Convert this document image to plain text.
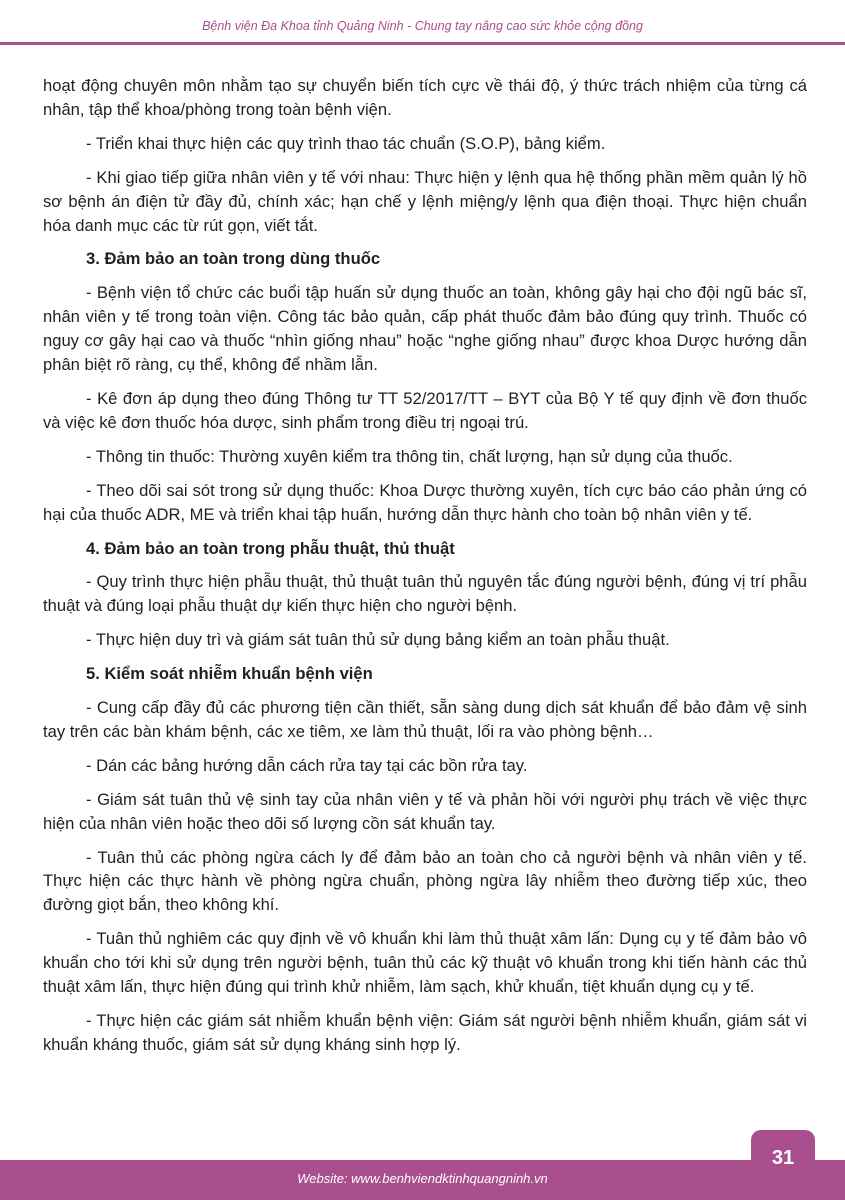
Bệnh viện Đa Khoa tỉnh Quảng Ninh - Chung tay nâng cao sức khỏe cộng đồng

hoạt động chuyên môn nhằm tạo sự chuyển biến tích cực về thái độ, ý thức trách nhiệm của từng cá nhân, tập thể khoa/phòng trong toàn bệnh viện.

- Triển khai thực hiện các quy trình thao tác chuẩn (S.O.P), bảng kiểm.

- Khi giao tiếp giữa nhân viên y tế với nhau: Thực hiện y lệnh qua hệ thống phần mềm quản lý hồ sơ bệnh án điện tử đầy đủ, chính xác; hạn chế y lệnh miệng/y lệnh qua điện thoại. Thực hiện chuẩn hóa danh mục các từ rút gọn, viết tắt.

3. Đảm bảo an toàn trong dùng thuốc

- Bệnh viện tổ chức các buổi tập huấn sử dụng thuốc an toàn, không gây hại cho đội ngũ bác sĩ, nhân viên y tế trong toàn viện. Công tác bảo quản, cấp phát thuốc đảm bảo đúng quy trình. Thuốc có nguy cơ gây hại cao và thuốc “nhìn giống nhau” hoặc “nghe giống nhau” được khoa Dược hướng dẫn phân biệt rõ ràng, cụ thể, không để nhầm lẫn.

- Kê đơn áp dụng theo đúng Thông tư TT 52/2017/TT – BYT của Bộ Y tế quy định về đơn thuốc và việc kê đơn thuốc hóa dược, sinh phẩm trong điều trị ngoại trú.

- Thông tin thuốc: Thường xuyên kiểm tra thông tin, chất lượng, hạn sử dụng của thuốc.

- Theo dõi sai sót trong sử dụng thuốc: Khoa Dược thường xuyên, tích cực báo cáo phản ứng có hại của thuốc ADR, ME và triển khai tập huấn, hướng dẫn thực hành cho toàn bộ nhân viên y tế.

4. Đảm bảo an toàn trong phẫu thuật, thủ thuật

- Quy trình thực hiện phẫu thuật, thủ thuật tuân thủ nguyên tắc đúng người bệnh, đúng vị trí phẫu thuật và đúng loại phẫu thuật dự kiến thực hiện cho người bệnh.

- Thực hiện duy trì và giám sát tuân thủ sử dụng bảng kiểm an toàn phẫu thuật.

5. Kiểm soát nhiễm khuẩn bệnh viện

- Cung cấp đầy đủ các phương tiện cần thiết, sẵn sàng dung dịch sát khuẩn để bảo đảm vệ sinh tay trên các bàn khám bệnh, các xe tiêm, xe làm thủ thuật, lối ra vào phòng bệnh…

- Dán các bảng hướng dẫn cách rửa tay tại các bồn rửa tay.

- Giám sát tuân thủ vệ sinh tay của nhân viên y tế và phản hồi với người phụ trách về việc thực hiện của nhân viên hoặc theo dõi số lượng cồn sát khuẩn tay.

- Tuân thủ các phòng ngừa cách ly để đảm bảo an toàn cho cả người bệnh và nhân viên y tế. Thực hiện các thực hành về phòng ngừa chuẩn, phòng ngừa lây nhiễm theo đường tiếp xúc, theo đường giọt bắn, theo không khí.

- Tuân thủ nghiêm các quy định về vô khuẩn khi làm thủ thuật xâm lấn: Dụng cụ y tế đảm bảo vô khuẩn cho tới khi sử dụng trên người bệnh, tuân thủ các kỹ thuật vô khuẩn trong khi tiến hành các thủ thuật xâm lấn, thực hiện đúng qui trình khử nhiễm, làm sạch, khử khuẩn, tiệt khuẩn dụng cụ y tế.

- Thực hiện các giám sát nhiễm khuẩn bệnh viện: Giám sát người bệnh nhiễm khuẩn, giám sát vi khuẩn kháng thuốc, giám sát sử dụng kháng sinh hợp lý.

Website: www.benhviendktinhquangninh.vn
31
